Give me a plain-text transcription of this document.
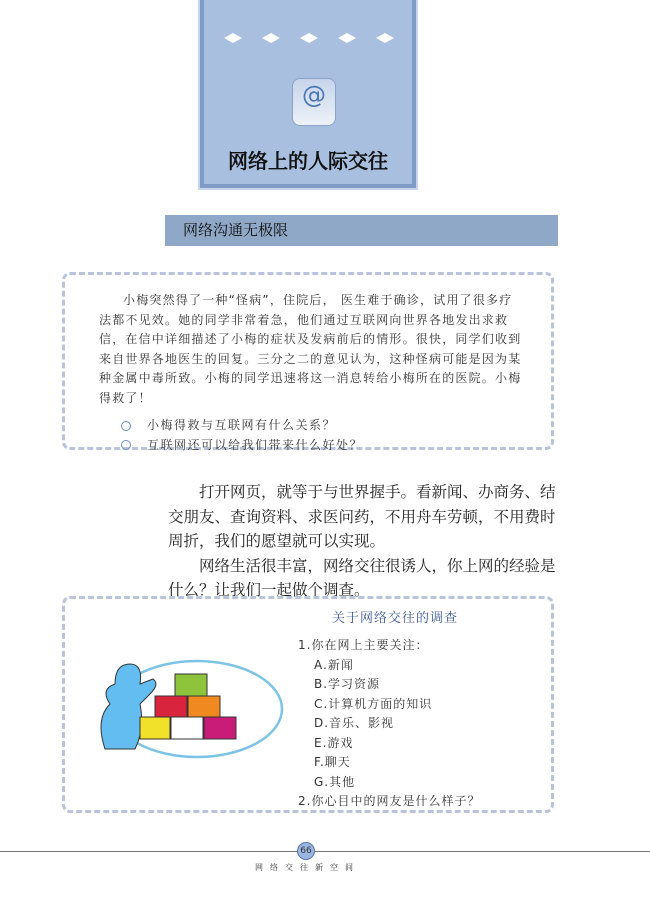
@
网络上的人际交往
网络沟通无极限

小梅突然得了一种“怪病”，住院后， 医生难于确诊，试用了很多疗法都不见效。她的同学非常着急，他们通过互联网向世界各地发出求救信，在信中详细描述了小梅的症状及发病前后的情形。很快，同学们收到来自世界各地医生的回复。三分之二的意见认为，这种怪病可能是因为某种金属中毒所致。小梅的同学迅速将这一消息转给小梅所在的医院。小梅得救了！

小梅得救与互联网有什么关系？
互联网还可以给我们带来什么好处？

打开网页，就等于与世界握手。看新闻、办商务、结交朋友、查询资料、求医问药，不用舟车劳顿，不用费时周折，我们的愿望就可以实现。

网络生活很丰富，网络交往很诱人，你上网的经验是什么？让我们一起做个调查。

关于网络交往的调查
1.你在网上主要关注：
A.新闻
B.学习资源
C.计算机方面的知识
D.音乐、影视
E.游戏
F.聊天
G.其他
2.你心目中的网友是什么样子？
66
网络交往新空间
